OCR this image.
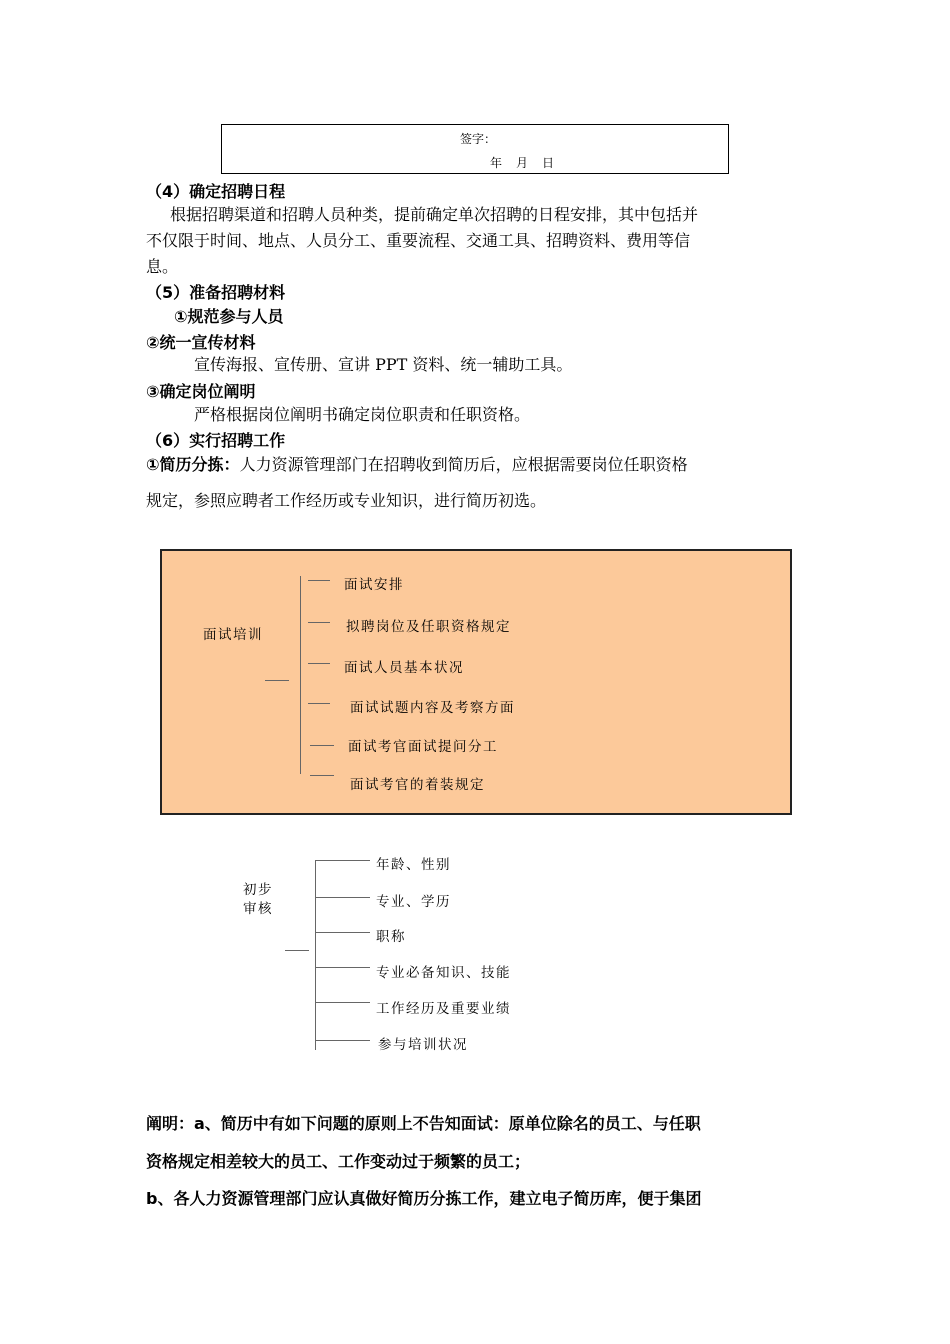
签字：
年　月　日
（4）确定招聘日程
根据招聘渠道和招聘人员种类，提前确定单次招聘的日程安排，其中包括并
不仅限于时间、地点、人员分工、重要流程、交通工具、招聘资料、费用等信
息。
（5）准备招聘材料
①规范参与人员
②统一宣传材料
宣传海报、宣传册、宣讲 PPT 资料、统一辅助工具。
③确定岗位阐明
严格根据岗位阐明书确定岗位职责和任职资格。
（6）实行招聘工作
①简历分拣：人力资源管理部门在招聘收到简历后，应根据需要岗位任职资格
规定，参照应聘者工作经历或专业知识，进行简历初选。
面试培训
面试安排
拟聘岗位及任职资格规定
面试人员基本状况
面试试题内容及考察方面
面试考官面试提问分工
面试考官的着装规定
初步
审核
年龄、性别
专业、学历
职称
专业必备知识、技能
工作经历及重要业绩
参与培训状况
阐明：a、简历中有如下问题的原则上不告知面试：原单位除名的员工、与任职
资格规定相差较大的员工、工作变动过于频繁的员工；
b、各人力资源管理部门应认真做好简历分拣工作，建立电子简历库，便于集团
